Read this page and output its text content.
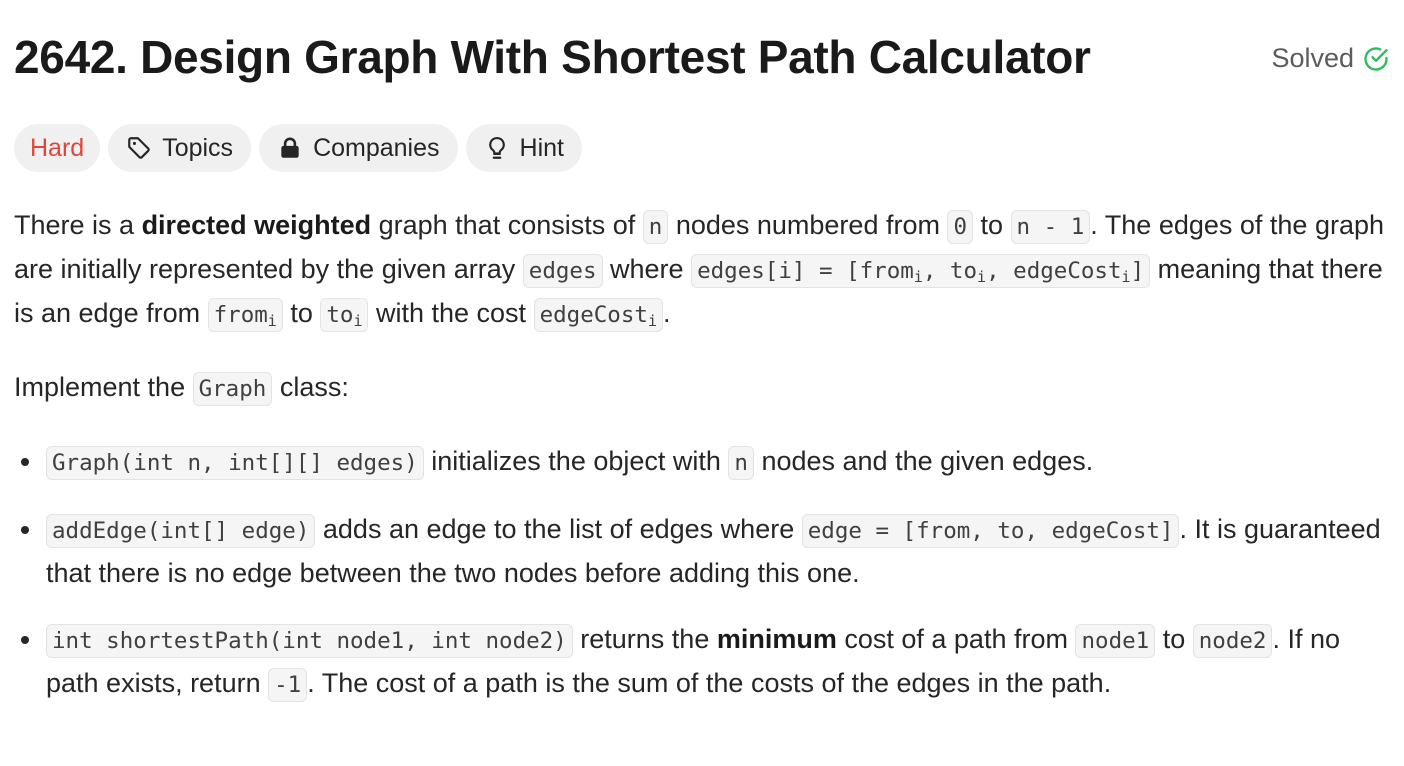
2642. Design Graph With Shortest Path Calculator	Solved
Hard	Topics	Companies	Hint

There is a directed weighted graph that consists of n nodes numbered from 0 to n - 1 . The edges of the graph are initially represented by the given array edges where edges[i] = [from$_i$, $to_i$, edgeCost$_i$] meaning that there is an edge from from$_i$ to $to_i$ with the cost edgeCost$_i$ .

Implement the Graph class:

Graph(int n, int[][] edges) initializes the object with n nodes and the given edges.
addEdge(int[] edge) adds an edge to the list of edges where edge = [from, to, edgeCost] . It is guaranteed that there is no edge between the two nodes before adding this one.
int shortestPath(int node1, int node2) returns the minimum cost of a path from node1 to node2 . If no path exists, return -1 . The cost of a path is the sum of the costs of the edges in the path.
